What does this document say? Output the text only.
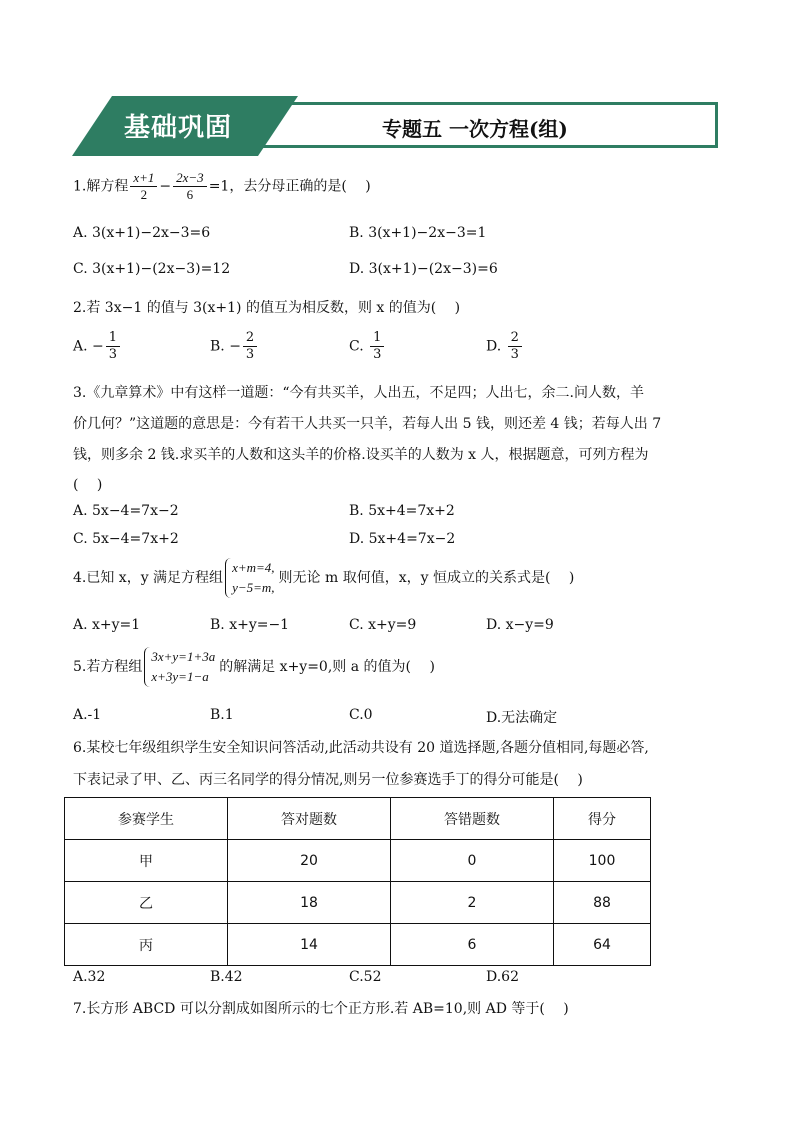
基础巩固	专题五 一次方程(组)
1.解方程 $\frac{x+1}{2} - \frac{2x-3}{6} =1$，去分母正确的是(　 )
A. 3(x+1)−2x−3=6	B. 3(x+1)−2x−3=1
C. 3(x+1)−(2x−3)=12	D. 3(x+1)−(2x−3)=6
2.若 3x−1 的值与 3(x+1) 的值互为相反数，则 x 的值为(　 )
A. − $\frac{1}{3}$	B. − $\frac{2}{3}$	C. $\frac{1}{3}$	D. $\frac{2}{3}$
3.《九章算术》中有这样一道题：“今有共买羊，人出五，不足四；人出七，余二.问人数，羊
价几何？”这道题的意思是：今有若干人共买一只羊，若每人出 5 钱，则还差 4 钱；若每人出 7
钱，则多余 2 钱.求买羊的人数和这头羊的价格.设买羊的人数为 x 人，根据题意，可列方程为
(　 )
A. 5x−4=7x−2	B. 5x+4=7x+2
C. 5x−4=7x+2	D. 5x+4=7x−2
4.已知 x，y 满足方程组
x+m=4,
y−5=m,
则无论 m 取何值，x，y 恒成立的关系式是(　 )
A. x+y=1	B. x+y=−1	C. x+y=9	D. x−y=9
5.若方程组
3x+y=1+3a
x+3y=1−a
的解满足 x+y=0,则 a 的值为(　 )
A.-1	B.1	C.0	D.无法确定
6.某校七年级组织学生安全知识问答活动,此活动共设有 20 道选择题,各题分值相同,每题必答,
下表记录了甲、乙、丙三名同学的得分情况,则另一位参赛选手丁的得分可能是(　 )
参赛学生	答对题数	答错题数	得分
甲	20	0	100
乙	18	2	88
丙	14	6	64
A.32	B.42	C.52	D.62
7.长方形 ABCD 可以分割成如图所示的七个正方形.若 AB=10,则 AD 等于(　 )
